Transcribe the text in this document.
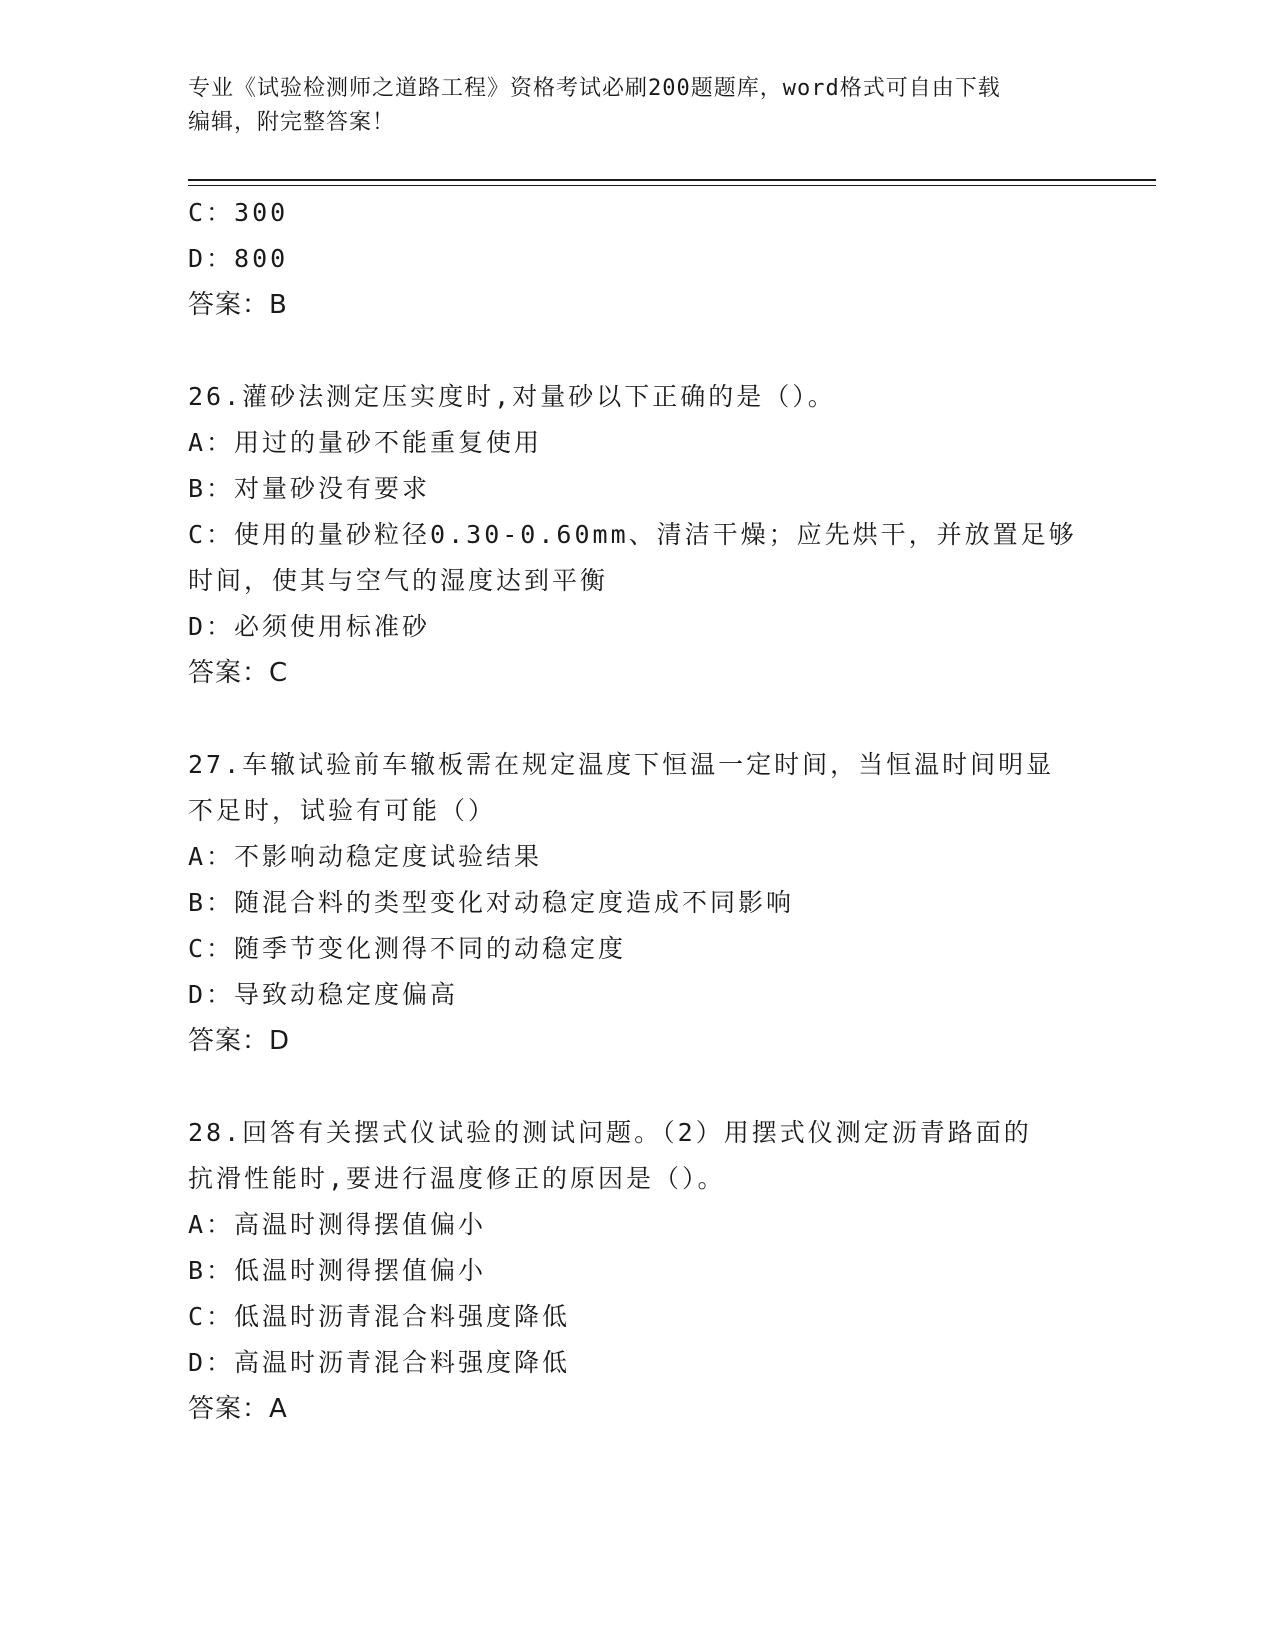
专业《试验检测师之道路工程》资格考试必刷200题题库，word格式可自由下载
编辑，附完整答案！
C：300
D：800
答案：B
26.灌砂法测定压实度时,对量砂以下正确的是（）。
A：用过的量砂不能重复使用
B：对量砂没有要求
C：使用的量砂粒径0.30-0.60mm、清洁干燥；应先烘干，并放置足够
时间，使其与空气的湿度达到平衡
D：必须使用标准砂
答案：C
27.车辙试验前车辙板需在规定温度下恒温一定时间，当恒温时间明显
不足时，试验有可能（）
A：不影响动稳定度试验结果
B：随混合料的类型变化对动稳定度造成不同影响
C：随季节变化测得不同的动稳定度
D：导致动稳定度偏高
答案：D
28.回答有关摆式仪试验的测试问题。（2）用摆式仪测定沥青路面的
抗滑性能时,要进行温度修正的原因是（）。
A：高温时测得摆值偏小
B：低温时测得摆值偏小
C：低温时沥青混合料强度降低
D：高温时沥青混合料强度降低
答案：A
